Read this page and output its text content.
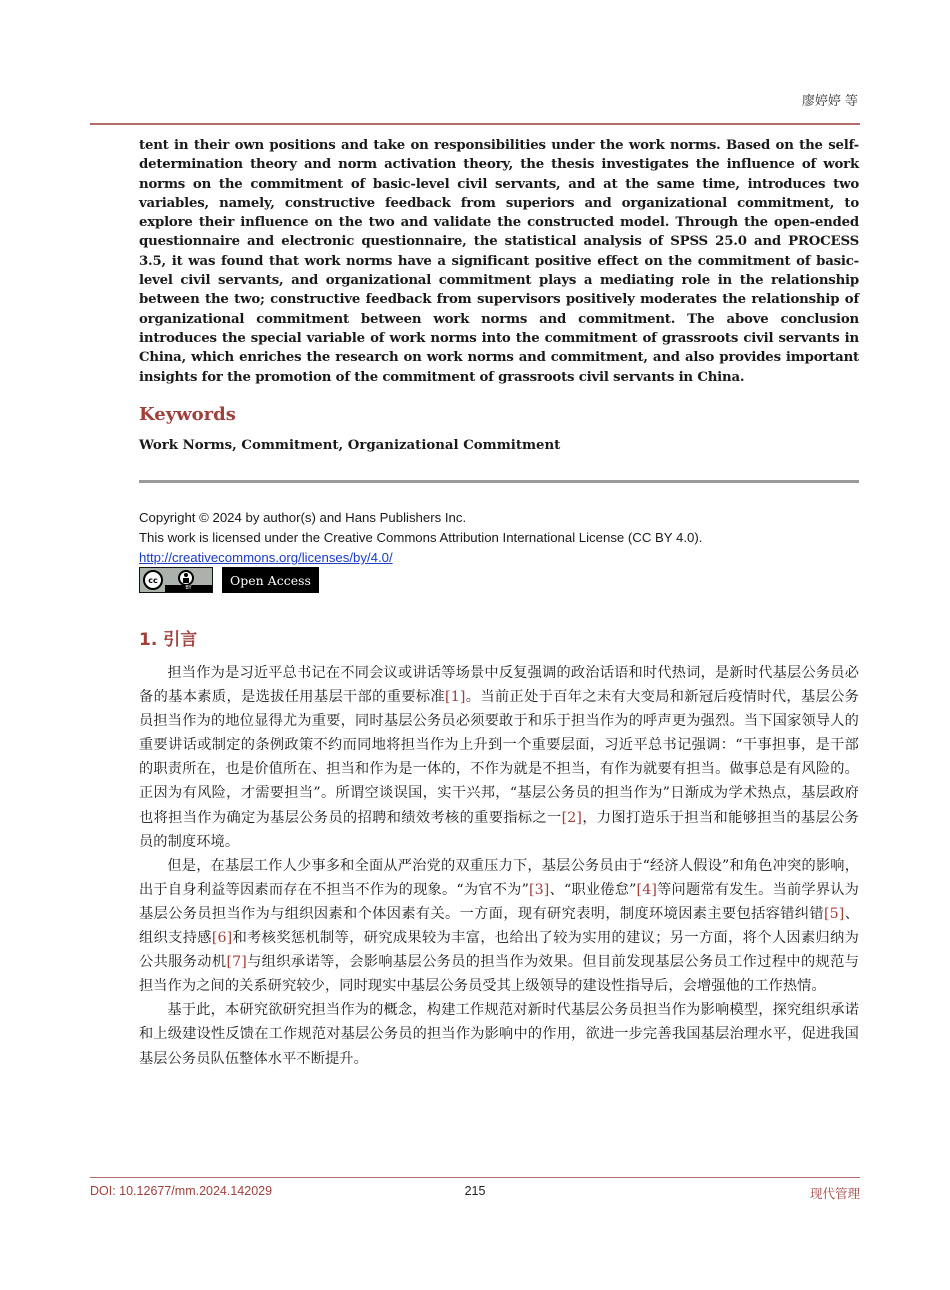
廖婷婷 等

tent in their own positions and take on responsibilities under the work norms. Based on the self-determination theory and norm activation theory, the thesis investigates the influence of work norms on the commitment of basic-level civil servants, and at the same time, introduces two variables, namely, constructive feedback from superiors and organizational commitment, to explore their influence on the two and validate the constructed model. Through the open-ended questionnaire and electronic questionnaire, the statistical analysis of SPSS 25.0 and PROCESS 3.5, it was found that work norms have a significant positive effect on the commitment of basic-level civil servants, and organizational commitment plays a mediating role in the relationship between the two; constructive feedback from supervisors positively moderates the relationship of organizational commitment between work norms and commitment. The above conclusion introduces the special variable of work norms into the commitment of grassroots civil servants in China, which enriches the research on work norms and commitment, and also provides important insights for the promotion of the commitment of grassroots civil servants in China.

Keywords

Work Norms, Commitment, Organizational Commitment

Copyright © 2024 by author(s) and Hans Publishers Inc.
This work is licensed under the Creative Commons Attribution International License (CC BY 4.0).
http://creativecommons.org/licenses/by/4.0/
cc
BY
Open Access
1. 引言

担当作为是习近平总书记在不同会议或讲话等场景中反复强调的政治话语和时代热词，是新时代基层公务员必备的基本素质，是选拔任用基层干部的重要标准[1]。当前正处于百年之未有大变局和新冠后疫情时代，基层公务员担当作为的地位显得尤为重要，同时基层公务员必须要敢于和乐于担当作为的呼声更为强烈。当下国家领导人的重要讲话或制定的条例政策不约而同地将担当作为上升到一个重要层面，习近平总书记强调：“干事担事，是干部的职责所在，也是价值所在、担当和作为是一体的，不作为就是不担当，有作为就要有担当。做事总是有风险的。正因为有风险，才需要担当”。所谓空谈误国，实干兴邦，“基层公务员的担当作为”日渐成为学术热点，基层政府也将担当作为确定为基层公务员的招聘和绩效考核的重要指标之一[2]，力图打造乐于担当和能够担当的基层公务员的制度环境。

但是，在基层工作人少事多和全面从严治党的双重压力下，基层公务员由于“经济人假设”和角色冲突的影响，出于自身利益等因素而存在不担当不作为的现象。“为官不为”[3]、“职业倦怠”[4]等问题常有发生。当前学界认为基层公务员担当作为与组织因素和个体因素有关。一方面，现有研究表明，制度环境因素主要包括容错纠错[5]、组织支持感[6]和考核奖惩机制等，研究成果较为丰富，也给出了较为实用的建议；另一方面，将个人因素归纳为公共服务动机[7]与组织承诺等，会影响基层公务员的担当作为效果。但目前发现基层公务员工作过程中的规范与担当作为之间的关系研究较少，同时现实中基层公务员受其上级领导的建设性指导后，会增强他的工作热情。

基于此，本研究欲研究担当作为的概念，构建工作规范对新时代基层公务员担当作为影响模型，探究组织承诺和上级建设性反馈在工作规范对基层公务员的担当作为影响中的作用，欲进一步完善我国基层治理水平，促进我国基层公务员队伍整体水平不断提升。

DOI: 10.12677/mm.2024.142029	215	现代管理
